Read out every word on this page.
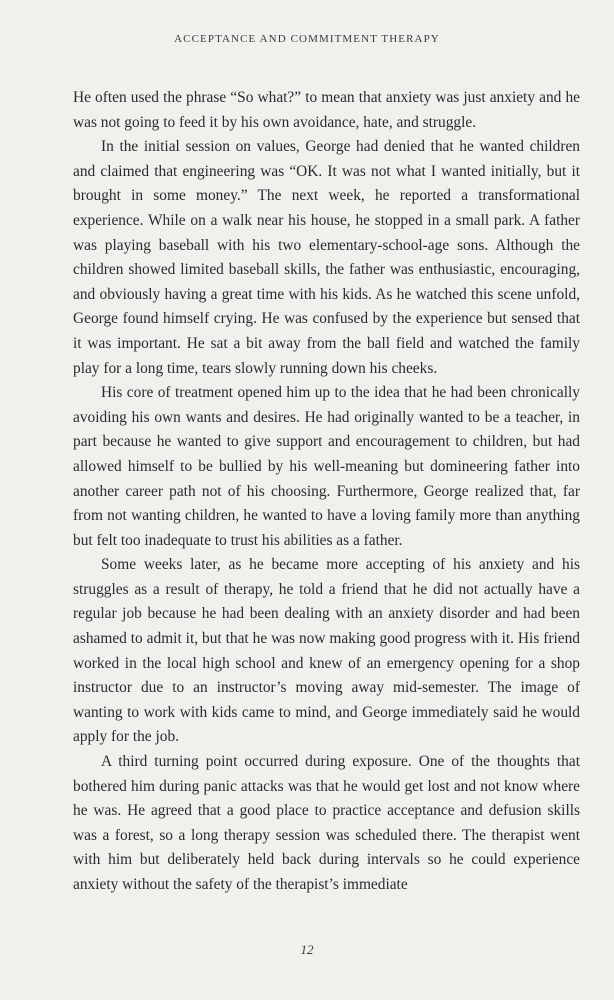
ACCEPTANCE AND COMMITMENT THERAPY

He often used the phrase “So what?” to mean that anxiety was just anxiety and he was not going to feed it by his own avoidance, hate, and struggle.

In the initial session on values, George had denied that he wanted children and claimed that engineering was “OK. It was not what I wanted initially, but it brought in some money.” The next week, he reported a transformational experience. While on a walk near his house, he stopped in a small park. A father was playing baseball with his two elementary-school-age sons. Although the children showed limited baseball skills, the father was enthusiastic, encouraging, and obviously having a great time with his kids. As he watched this scene unfold, George found himself crying. He was confused by the experience but sensed that it was important. He sat a bit away from the ball field and watched the family play for a long time, tears slowly running down his cheeks.

His core of treatment opened him up to the idea that he had been chronically avoiding his own wants and desires. He had originally wanted to be a teacher, in part because he wanted to give support and encouragement to children, but had allowed himself to be bullied by his well-meaning but domineering father into another career path not of his choosing. Furthermore, George realized that, far from not wanting children, he wanted to have a loving family more than anything but felt too inadequate to trust his abilities as a father.

Some weeks later, as he became more accepting of his anxiety and his struggles as a result of therapy, he told a friend that he did not actually have a regular job because he had been dealing with an anxiety disorder and had been ashamed to admit it, but that he was now making good progress with it. His friend worked in the local high school and knew of an emergency opening for a shop instructor due to an instructor’s moving away mid-semester. The image of wanting to work with kids came to mind, and George immediately said he would apply for the job.

A third turning point occurred during exposure. One of the thoughts that bothered him during panic attacks was that he would get lost and not know where he was. He agreed that a good place to practice acceptance and defusion skills was a forest, so a long therapy session was scheduled there. The therapist went with him but deliberately held back during intervals so he could experience anxiety without the safety of the therapist’s immediate

12
